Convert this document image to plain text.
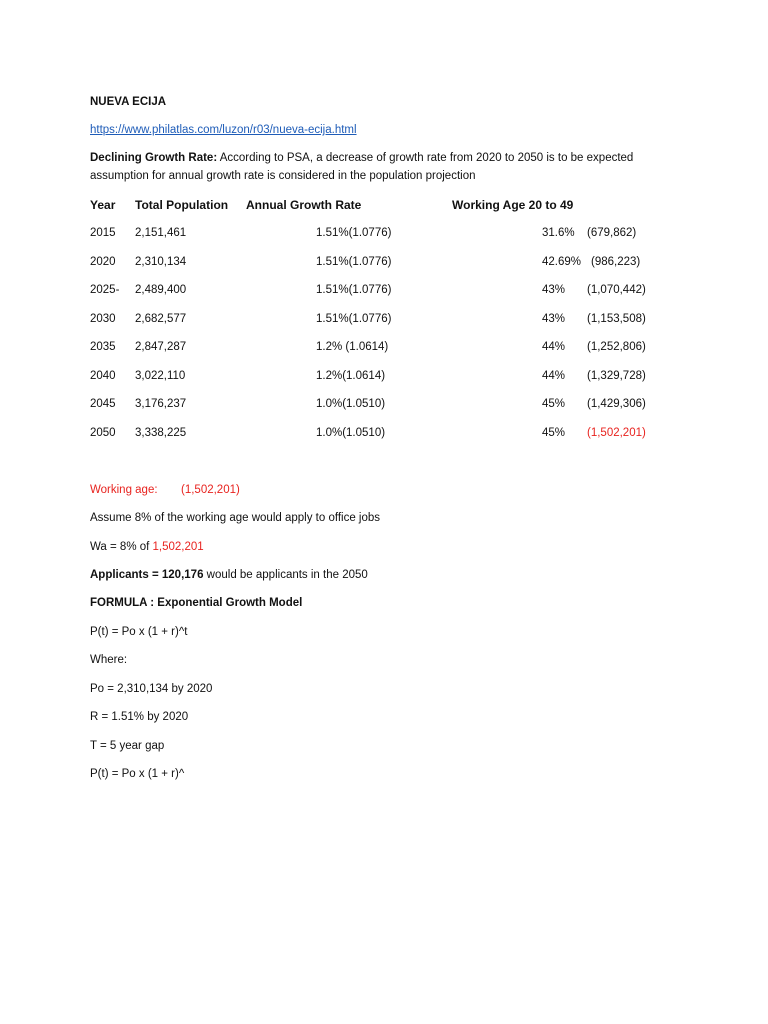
NUEVA ECIJA
https://www.philatlas.com/luzon/r03/nueva-ecija.html
Declining Growth Rate: According to PSA, a decrease of growth rate from 2020 to 2050 is to be expected assumption for annual growth rate is considered in the population projection
Year Total Population Annual Growth Rate	Working Age 20 to 49
2015 2,151,461	1.51%(1.0776)	31.6% (679,862)
2020 2,310,134	1.51%(1.0776)	42.69% (986,223)
2025- 2,489,400	1.51%(1.0776)	43% (1,070,442)
2030 2,682,577	1.51%(1.0776)	43% (1,153,508)
2035 2,847,287	1.2% (1.0614)	44% (1,252,806)
2040 3,022,110	1.2%(1.0614)	44% (1,329,728)
2045 3,176,237	1.0%(1.0510)	45% (1,429,306)
2050 3,338,225	1.0%(1.0510)	45% (1,502,201)
Working age: (1,502,201)
Assume 8% of the working age would apply to office jobs
Wa = 8% of 1,502,201
Applicants = 120,176 would be applicants in the 2050
FORMULA : Exponential Growth Model
P(t) = Po x (1 + r)^t
Where:
Po = 2,310,134 by 2020
R = 1.51% by 2020
T = 5 year gap
P(t) = Po x (1 + r)^
